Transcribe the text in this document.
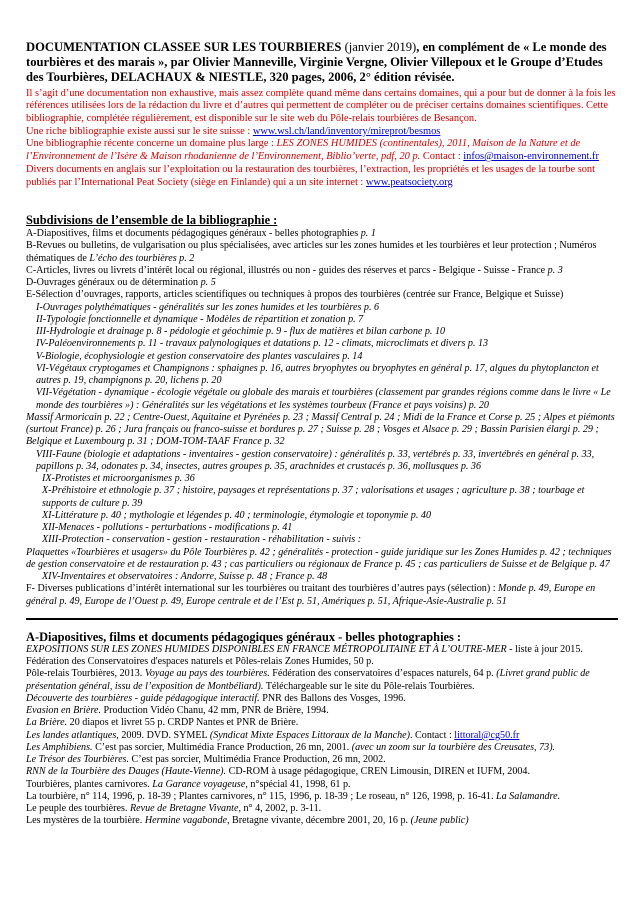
DOCUMENTATION CLASSEE SUR LES TOURBIERES (janvier 2019), en complément de « Le monde des tourbières et des marais », par Olivier Manneville, Virginie Vergne, Olivier Villepoux et le Groupe d’Etudes des Tourbières, DELACHAUX & NIESTLE, 320 pages, 2006, 2° édition révisée.
Il s’agit d’une documentation non exhaustive, mais assez complète quand même dans certains domaines, qui a pour but de donner à la fois les références utilisées lors de la rédaction du livre et d’autres qui permettent de compléter ou de préciser certains domaines scientifiques. Cette bibliographie, complétée régulièrement, est disponible sur le site web du Pôle-relais tourbières de Besançon.
Une riche bibliographie existe aussi sur le site suisse : www.wsl.ch/land/inventory/mireprot/besmos
Une bibliographie récente concerne un domaine plus large : LES ZONES HUMIDES (continentales), 2011, Maison de la Nature et de l’Environnement de l’Isère & Maison rhodanienne de l’Environnement, Biblio’verte, pdf, 20 p. Contact : infos@maison-environnement.fr
Divers documents en anglais sur l’exploitation ou la restauration des tourbières, l’extraction, les propriétés et les usages de la tourbe sont publiés par l’International Peat Society (siège en Finlande) qui a un site internet : www.peatsociety.org
Subdivisions de l’ensemble de la bibliographie :

A-Diapositives, films et documents pédagogiques généraux - belles photographies p. 1

B-Revues ou bulletins, de vulgarisation ou plus spécialisées, avec articles sur les zones humides et les tourbières et leur protection ; Numéros thématiques de L’écho des tourbières p. 2

C-Articles, livres ou livrets d’intérêt local ou régional, illustrés ou non - guides des réserves et parcs - Belgique - Suisse - France p. 3

D-Ouvrages généraux ou de détermination p. 5

E-Sélection d’ouvrages, rapports, articles scientifiques ou techniques à propos des tourbières (centrée sur France, Belgique et Suisse)

I-Ouvrages polythématiques - généralités sur les zones humides et les tourbières p. 6

II-Typologie fonctionnelle et dynamique - Modèles de répartition et zonation p. 7

III-Hydrologie et drainage p. 8 - pédologie et géochimie p. 9 - flux de matières et bilan carbone p. 10

IV-Paléoenvironnements p. 11 - travaux palynologiques et datations p. 12 - climats, microclimats et divers p. 13

V-Biologie, écophysiologie et gestion conservatoire des plantes vasculaires p. 14

VI-Végétaux cryptogames et Champignons : sphaignes p. 16, autres bryophytes ou bryophytes en général p. 17, algues du phytoplancton et autres p. 19, champignons p. 20, lichens p. 20

VII-Végétation - dynamique - écologie végétale ou globale des marais et tourbières (classement par grandes régions comme dans le livre « Le monde des tourbières ») : Généralités sur les végétations et les systèmes tourbeux (France et pays voisins) p. 20

Massif Armoricain p. 22 ; Centre-Ouest, Aquitaine et Pyrénées p. 23 ; Massif Central p. 24 ; Midi de la France et Corse p. 25 ; Alpes et piémonts (surtout France) p. 26 ; Jura français ou franco-suisse et bordures p. 27 ; Suisse p. 28 ; Vosges et Alsace p. 29 ; Bassin Parisien élargi p. 29 ; Belgique et Luxembourg p. 31 ; DOM-TOM-TAAF France p. 32

VIII-Faune (biologie et adaptations - inventaires - gestion conservatoire) : généralités p. 33, vertébrés p. 33, invertébrés en général p. 33, papillons p. 34, odonates p. 34, insectes, autres groupes p. 35, arachnides et crustacés p. 36, mollusques p. 36

IX-Protistes et microorganismes p. 36

X-Préhistoire et ethnologie p. 37 ; histoire, paysages et représentations p. 37 ; valorisations et usages ; agriculture p. 38 ; tourbage et supports de culture p. 39

XI-Littérature p. 40 ; mythologie et légendes p. 40 ; terminologie, étymologie et toponymie p. 40

XII-Menaces - pollutions - perturbations - modifications p. 41

XIII-Protection - conservation - gestion - restauration - réhabilitation - suivis :

Plaquettes «Tourbières et usagers» du Pôle Tourbières p. 42 ; généralités - protection - guide juridique sur les Zones Humides p. 42 ; techniques de gestion conservatoire et de restauration p. 43 ; cas particuliers ou régionaux de France p. 45 ; cas particuliers de Suisse et de Belgique p. 47

XIV-Inventaires et observatoires : Andorre, Suisse p. 48 ; France p. 48

F- Diverses publications d’intérêt international sur les tourbières ou traitant des tourbières d’autres pays (sélection) : Monde p. 49, Europe en général p. 49, Europe de l’Ouest p. 49, Europe centrale et de l’Est p. 51, Amériques p. 51, Afrique-Asie-Australie p. 51

A-Diapositives, films et documents pédagogiques généraux - belles photographies :

EXPOSITIONS SUR LES ZONES HUMIDES DISPONIBLES EN FRANCE MÉTROPOLITAINE ET À L’OUTRE-MER - liste à jour 2015. Fédération des Conservatoires d'espaces naturels et Pôles-relais Zones Humides, 50 p.

Pôle-relais Tourbières, 2013. Voyage au pays des tourbières. Fédération des conservatoires d’espaces naturels, 64 p. (Livret grand public de présentation général, issu de l’exposition de Montbéliard). Téléchargeable sur le site du Pôle-relais Tourbières.

Découverte des tourbières - guide pédagogique interactif. PNR des Ballons des Vosges, 1996.

Evasion en Brière. Production Vidéo Chanu, 42 mm, PNR de Brière, 1994.

La Brière. 20 diapos et livret 55 p. CRDP Nantes et PNR de Brière.

Les landes atlantiques, 2009. DVD. SYMEL (Syndicat Mixte Espaces Littoraux de la Manche). Contact : littoral@cg50.fr

Les Amphibiens. C’est pas sorcier, Multimédia France Production, 26 mn, 2001. (avec un zoom sur la tourbière des Creusates, 73).

Le Trésor des Tourbières. C’est pas sorcier, Multimédia France Production, 26 mn, 2002.

RNN de la Tourbière des Dauges (Haute-Vienne). CD-ROM à usage pédagogique, CREN Limousin, DIREN et IUFM, 2004.

Tourbières, plantes carnivores. La Garance voyageuse, n°spécial 41, 1998, 61 p.

La tourbière, n° 114, 1996, p. 18-39 ; Plantes carnivores, n° 115, 1996, p. 18-39 ; Le roseau, n° 126, 1998, p. 16-41. La Salamandre.

Le peuple des tourbières. Revue de Bretagne Vivante, n° 4, 2002, p. 3-11.

Les mystères de la tourbière. Hermine vagabonde, Bretagne vivante, décembre 2001, 20, 16 p. (Jeune public)
